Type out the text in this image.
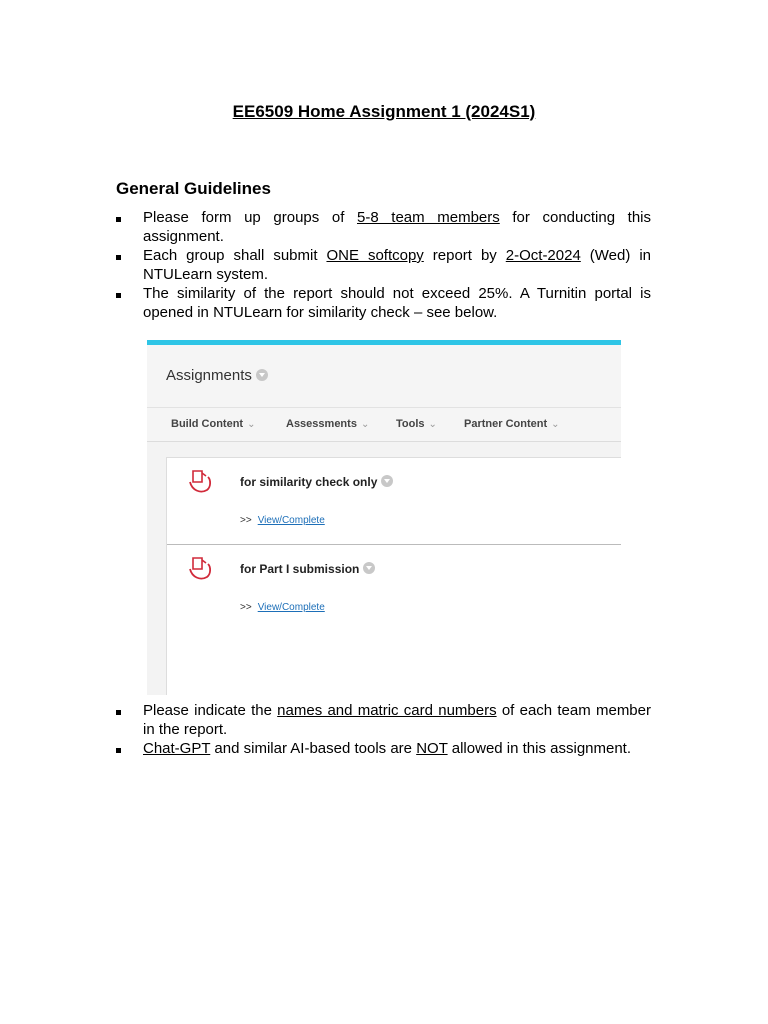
EE6509 Home Assignment 1 (2024S1)
General Guidelines
Please form up groups of 5-8 team members for conducting this assignment.
Each group shall submit ONE softcopy report by 2-Oct-2024 (Wed) in NTULearn system.
The similarity of the report should not exceed 25%. A Turnitin portal is opened in NTULearn for similarity check – see below.
Assignments
Build Content ⌄	Assessments ⌄ Tools ⌄ Partner Content ⌄
for similarity check only
>> View/Complete
for Part I submission
>> View/Complete
Please indicate the names and matric card numbers of each team member in the report.
Chat-GPT and similar AI-based tools are NOT allowed in this assignment.
